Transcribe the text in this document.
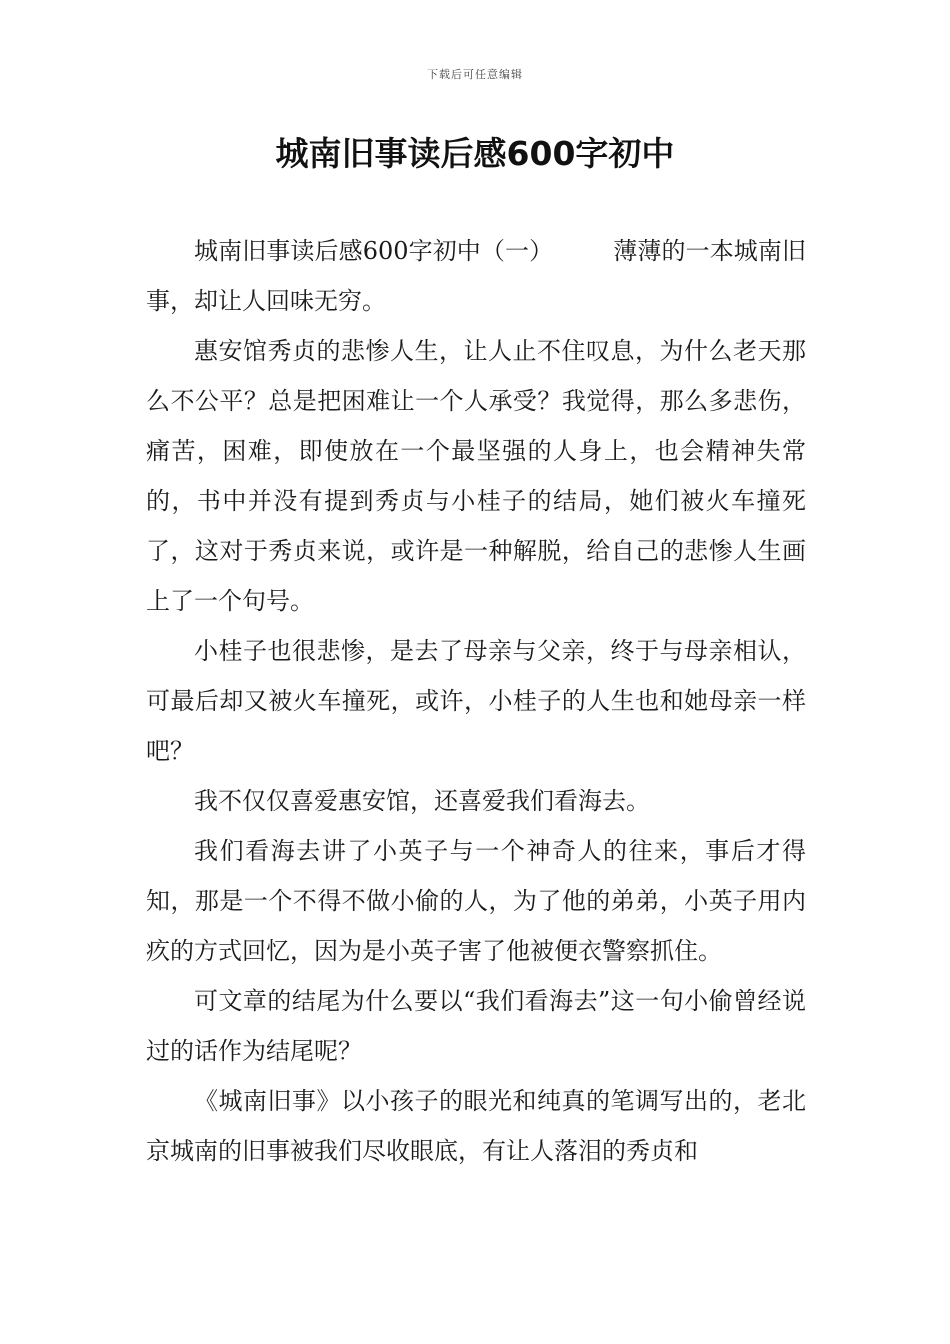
下载后可任意编辑
城南旧事读后感600字初中

城南旧事读后感600字初中（一）	薄薄的一本城南旧事，却让人回味无穷。

惠安馆秀贞的悲惨人生，让人止不住叹息，为什么老天那么不公平？总是把困难让一个人承受？我觉得，那么多悲伤，痛苦，困难，即使放在一个最坚强的人身上，也会精神失常的，书中并没有提到秀贞与小桂子的结局，她们被火车撞死了，这对于秀贞来说，或许是一种解脱，给自己的悲惨人生画上了一个句号。

小桂子也很悲惨，是去了母亲与父亲，终于与母亲相认，可最后却又被火车撞死，或许，小桂子的人生也和她母亲一样吧？

我不仅仅喜爱惠安馆，还喜爱我们看海去。

我们看海去讲了小英子与一个神奇人的往来，事后才得知，那是一个不得不做小偷的人，为了他的弟弟，小英子用内疚的方式回忆，因为是小英子害了他被便衣警察抓住。

可文章的结尾为什么要以“我们看海去”这一句小偷曾经说过的话作为结尾呢？

《城南旧事》以小孩子的眼光和纯真的笔调写出的，老北京城南的旧事被我们尽收眼底，有让人落泪的秀贞和
